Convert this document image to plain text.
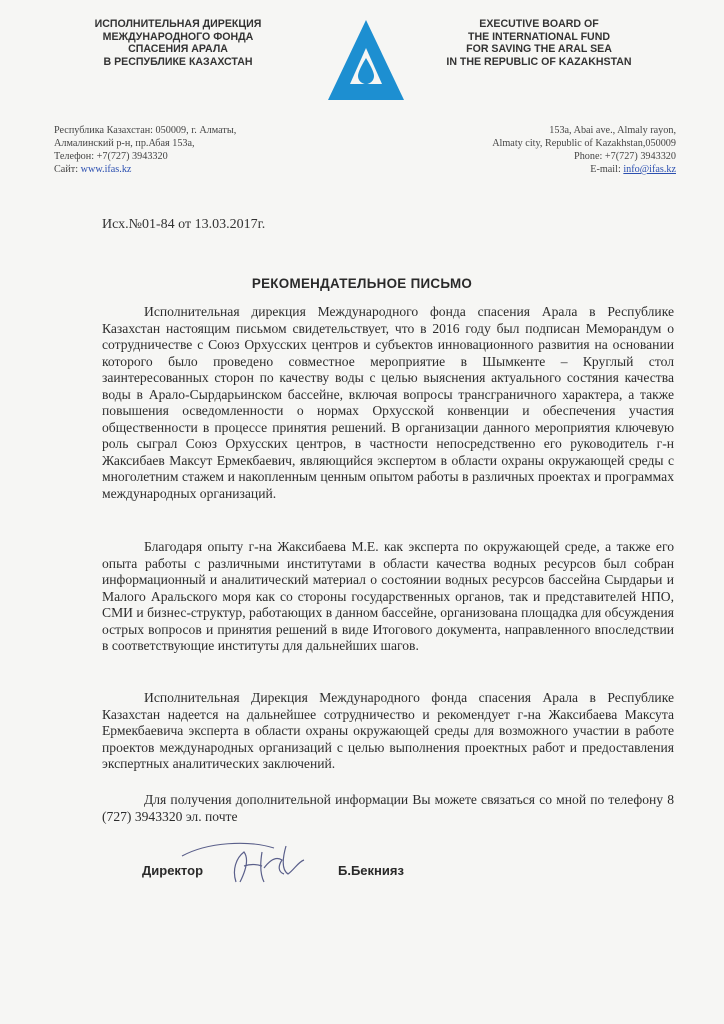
ИСПОЛНИТЕЛЬНАЯ ДИРЕКЦИЯ
МЕЖДУНАРОДНОГО ФОНДА
СПАСЕНИЯ АРАЛА
В РЕСПУБЛИКЕ КАЗАХСТАН
EXECUTIVE BOARD OF
THE INTERNATIONAL FUND
FOR SAVING THE ARAL SEA
IN THE REPUBLIC OF KAZAKHSTAN
Республика Казахстан: 050009, г. Алматы,
Алмалинский р-н, пр.Абая 153а,
Телефон: +7(727) 3943320
Сайт: www.ifas.kz
153a, Abai ave., Almaly rayon,
Almaty city, Republic of Kazakhstan,050009
Phone: +7(727) 3943320
E-mail: info@ifas.kz
Исх.№01-84 от 13.03.2017г.
РЕКОМЕНДАТЕЛЬНОЕ ПИСЬМО

Исполнительная дирекция Международного фонда спасения Арала в Республике Казахстан настоящим письмом свидетельствует, что в 2016 году был подписан Меморандум о сотрудничестве с Союз Орхусских центров и субъектов инновационного развития на основании которого было проведено совместное мероприятие в Шымкенте – Круглый стол заинтересованных сторон по качеству воды с целью выяснения актуального состяния качества воды в Арало-Сырдарьинском бассейне, включая вопросы трансграничного характера, а также повышения осведомленности о нормах Орхусской конвенции и обеспечения участия общественности в процессе принятия решений. В организации данного мероприятия ключевую роль сыграл Союз Орхусских центров, в частности непосредственно его руководитель г-н Жаксибаев Максут Ермекбаевич, являющийся экспертом в области охраны окружающей среды с многолетним стажем и накопленным ценным опытом работы в различных проектах и программах международных организаций.

Благодаря опыту г-на Жаксибаева М.Е. как эксперта по окружающей среде, а также его опыта работы с различными институтами в области качества водных ресурсов был собран информационный и аналитический материал о состоянии водных ресурсов бассейна Сырдарьи и Малого Аральского моря как со стороны государственных органов, так и представителей НПО, СМИ и бизнес-структур, работающих в данном бассейне, организована площадка для обсуждения острых вопросов и принятия решений в виде Итогового документа, направленного впоследствии в соответствующие институты для дальнейших шагов.

Исполнительная Дирекция Международного фонда спасения Арала в Республике Казахстан надеется на дальнейшее сотрудничество и рекомендует г-на Жаксибаева Максута Ермекбаевича эксперта в области охраны окружающей среды для возможного участии в работе проектов международных организаций с целью выполнения проектных работ и предоставления экспертных аналитических заключений.

Для получения дополнительной информации Вы можете связаться со мной по телефону 8 (727) 3943320 эл. почте

Директор	Б.Бекнияз
